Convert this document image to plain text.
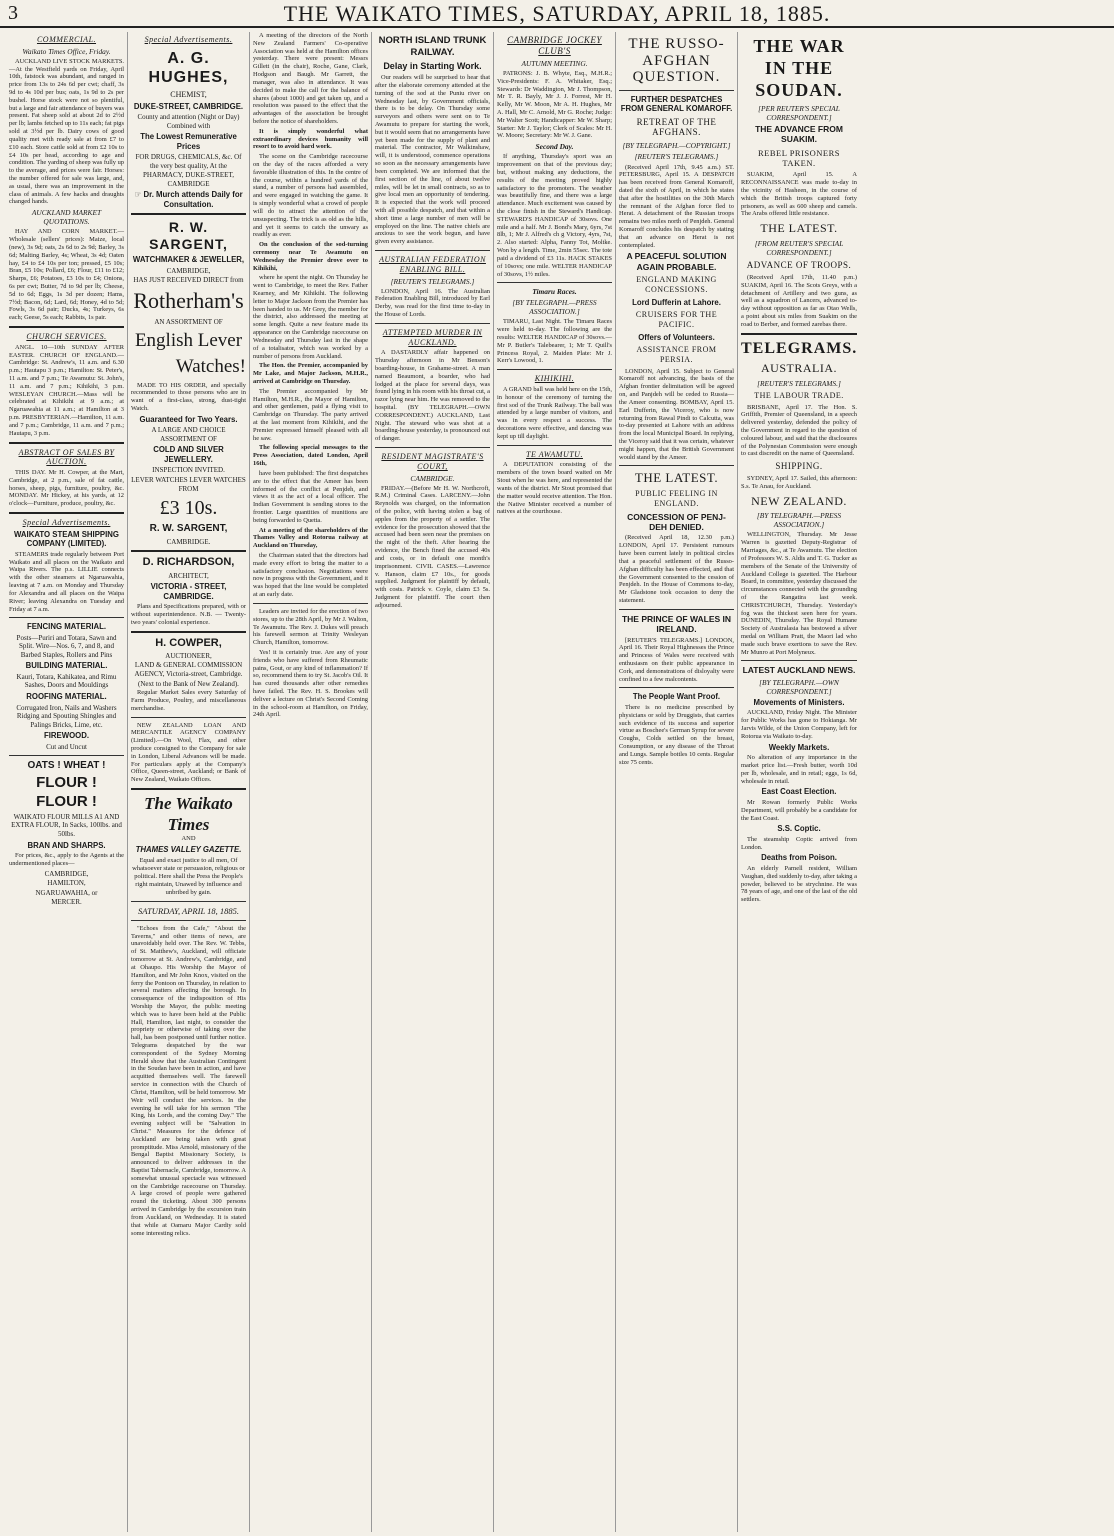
3	THE WAIKATO TIMES, SATURDAY, APRIL 18, 1885.
COMMERCIAL.
Waikato Times Office, Friday.

AUCKLAND LIVE STOCK MARKETS.—At the Westfield yards on Friday, April 10th, fatstock was abundant, and ranged in price from 13s to 24s 6d per cwt; chaff, 3s 9d to 4s 10d per bus; oats, 1s 9d to 2s per bushel. Horse stock were not so plentiful, but a large and fair attendance of buyers was present. Fat sheep sold at about 2d to 2½d per lb; lambs fetched up to 11s each; fat pigs sold at 3½d per lb. Dairy cows of good quality met with ready sale at from £7 to £10 each. Store cattle sold at from £2 10s to £4 10s per head, according to age and condition. The yarding of sheep was fully up to the average, and prices were fair. Horses: the number offered for sale was large, and, as usual, there was an improvement in the class of animals. A few hacks and draughts changed hands.

AUCKLAND MARKET QUOTATIONS.

HAY AND CORN MARKET.—Wholesale (sellers' prices): Maize, local (new), 3s 9d; oats, 2s 6d to 2s 9d; Barley, 3s 6d; Malting Barley, 4s; Wheat, 3s 4d; Oaten hay, £4 to £4 10s per ton; pressed, £5 10s; Bran, £5 10s; Pollard, £6; Flour, £11 to £12; Sharps, £6; Potatoes, £3 10s to £4; Onions, 6s per cwt; Butter, 7d to 9d per lb; Cheese, 5d to 6d; Eggs, 1s 3d per dozen; Hams, 7½d; Bacon, 6d; Lard, 6d; Honey, 4d to 5d; Fowls, 3s 6d pair; Ducks, 4s; Turkeys, 6s each; Geese, 5s each; Rabbits, 1s pair.

CHURCH SERVICES.

ANGL. 10—10th SUNDAY AFTER EASTER. CHURCH OF ENGLAND.—Cambridge: St. Andrew's, 11 a.m. and 6.30 p.m.; Hautapu 3 p.m.; Hamilton: St. Peter's, 11 a.m. and 7 p.m.; Te Awamutu: St. John's, 11 a.m. and 7 p.m.; Kihikihi, 3 p.m. WESLEYAN CHURCH.—Mass will be celebrated at Kihikihi at 9 a.m.; at Ngaruawahia at 11 a.m.; at Hamilton at 3 p.m. PRESBYTERIAN.—Hamilton, 11 a.m. and 7 p.m.; Cambridge, 11 a.m. and 7 p.m.; Hautapu, 3 p.m.

ABSTRACT OF SALES BY AUCTION.

THIS DAY. Mr H. Cowper, at the Mart, Cambridge, at 2 p.m., sale of fat cattle, horses, sheep, pigs, furniture, poultry, &c. MONDAY. Mr Hickey, at his yards, at 12 o'clock—Furniture, produce, poultry, &c.

Special Advertisements.
WAIKATO STEAM SHIPPING COMPANY (LIMITED).

STEAMERS trade regularly between Port Waikato and all places on the Waikato and Waipa Rivers. The p.s. LILLIE connects with the other steamers at Ngaruawahia, leaving at 7 a.m. on Monday and Thursday for Alexandra and all places on the Waipa River; leaving Alexandra on Tuesday and Friday at 7 a.m.

FENCING MATERIAL.
Posts—Puriri and Totara, Sawn and Split. Wire—Nos. 6, 7, and 8, and Barbed Staples, Rollers and Pins
BUILDING MATERIAL.
Kauri, Totara, Kahikatea, and Rimu Sashes, Doors and Mouldings
ROOFING MATERIAL.
Corrugated Iron, Nails and Washers Ridging and Spouting Shingles and Palings Bricks, Lime, etc.
FIREWOOD.
Cut and Uncut
OATS ! WHEAT !
FLOUR ! FLOUR !
WAIKATO FLOUR MILLS A1 AND EXTRA FLOUR, In Sacks, 100lbs. and 50lbs.
BRAN AND SHARPS.

For prices, &c., apply to the Agents at the undermentioned places—

CAMBRIDGE,
HAMILTON,
NGARUAWAHIA, or
MERCER.
Special Advertisements.
A. G. HUGHES,
CHEMIST,
DUKE-STREET, CAMBRIDGE.
County and attention (Night or Day) Combined with
The Lowest Remunerative Prices
FOR DRUGS, CHEMICALS, &c. Of the very best quality, At the
PHARMACY, DUKE-STREET, CAMBRIDGE
☞ Dr. Murch attends Daily for Consultation.
R. W. SARGENT,
WATCHMAKER & JEWELLER,
CAMBRIDGE,
HAS JUST RECEIVED DIRECT from
Rotherham's
AN ASSORTMENT OF
English Lever
Watches!

MADE TO HIS ORDER, and specially recommended to those persons who are in want of a first-class, strong, dust-tight Watch.

Guaranteed for Two Years.
A LARGE AND CHOICE ASSORTMENT OF
COLD AND SILVER JEWELLERY.
INSPECTION INVITED.
LEVER WATCHES LEVER WATCHES FROM
£3 10s.
R. W. SARGENT,
CAMBRIDGE.
D. RICHARDSON,
ARCHITECT,
VICTORIA - STREET, CAMBRIDGE.

Plans and Specifications prepared, with or without superintendence. N.B. — Twenty-two years' colonial experience.

H. COWPER,
AUCTIONEER,
LAND & GENERAL COMMISSION AGENCY, Victoria-street, Cambridge.
(Next to the Bank of New Zealand).

Regular Market Sales every Saturday of Farm Produce, Poultry, and miscellaneous merchandise.

NEW ZEALAND LOAN AND MERCANTILE AGENCY COMPANY (Limited).—On Wool, Flax, and other produce consigned to the Company for sale in London, Liberal Advances will be made. For particulars apply at the Company's Office, Queen-street, Auckland; or Bank of New Zealand, Waikato Offices.

The Waikato Times
AND
THAMES VALLEY GAZETTE.
Equal and exact justice to all men, Of whatsoever state or persuasion, religious or political. Here shall the Press the People's right maintain, Unawed by influence and unbribed by gain.
SATURDAY, APRIL 18, 1885.

"Echoes from the Cafe," "About the Taverns," and other items of news, are unavoidably held over. The Rev. W. Tebbs, of St. Matthew's, Auckland, will officiate tomorrow at St. Andrew's, Cambridge, and at Ohaupo. His Worship the Mayor of Hamilton, and Mr John Knox, visited on the ferry the Pontoon on Thursday, in relation to several matters affecting the borough. In consequence of the indisposition of His Worship the Mayor, the public meeting which was to have been held at the Public Hall, Hamilton, last night, to consider the propriety or otherwise of taking over the hall, has been postponed until further notice. Telegrams despatched by the war correspondent of the Sydney Morning Herald show that the Australian Contingent in the Soudan have been in action, and have acquitted themselves well. The farewell service in connection with the Church of Christ, Hamilton, will be held tomorrow. Mr Weir will conduct the services. In the evening he will take for his sermon "The King, his Lords, and the coming Day." The evening subject will be "Salvation in Christ." Measures for the defence of Auckland are being taken with great promptitude. Miss Arnold, missionary of the Bengal Baptist Missionary Society, is announced to deliver addresses in the Baptist Tabernacle, Cambridge, tomorrow. A somewhat unusual spectacle was witnessed on the Cambridge racecourse on Thursday. A large crowd of people were gathered round the ticketing. About 300 persons arrived in Cambridge by the excursion train from Auckland, on Wednesday. It is stated that while at Oamaru Major Cardiy sold some interesting relics.

A meeting of the directors of the North New Zealand Farmers' Co-operative Association was held at the Hamilton offices yesterday. There were present: Messrs Gillett (in the chair), Roche, Gane, Clark, Hodgson and Baugh. Mr Garrett, the manager, was also in attendance. It was decided to make the call for the balance of shares (about 1000) and get taken up, and a resolution was passed to the effect that the advantages of the association be brought before the notice of shareholders.

It is simply wonderful what extraordinary devices humanity will resort to to avoid hard work.

The scene on the Cambridge racecourse on the day of the races afforded a very favorable illustration of this. In the centre of the course, within a hundred yards of the stand, a number of persons had assembled, and were engaged in watching the game. It is simply wonderful what a crowd of people will do to attract the attention of the unsuspecting. The trick is as old as the hills, and yet it seems to catch the unwary as readily as ever.

On the conclusion of the sod-turning ceremony near Te Awamutu on Wednesday the Premier drove over to Kihikihi,

where he spent the night. On Thursday he went to Cambridge, to meet the Rev. Father Kearney, and Mr Kihikihi. The following letter to Major Jackson from the Premier has been handed to us. Mr Grey, the member for the district, also addressed the meeting at some length. Quite a new feature made its appearance on the Cambridge racecourse on Wednesday and Thursday last in the shape of a totalisator, which was worked by a number of persons from Auckland.

The Hon. the Premier, accompanied by Mr Lake, and Major Jackson, M.H.R., arrived at Cambridge on Thursday.

The Premier accompanied by Mr Hamilton, M.H.R., the Mayor of Hamilton, and other gentlemen, paid a flying visit to Cambridge on Thursday. The party arrived at the last moment from Kihikihi, and the Premier expressed himself pleased with all he saw.

The following special messages to the Press Association, dated London, April 16th,

have been published: The first despatches are to the effect that the Ameer has been informed of the conflict at Penjdeh, and views it as the act of a local officer. The Indian Government is sending stores to the frontier. Large quantities of munitions are being forwarded to Quetta.

At a meeting of the shareholders of the Thames Valley and Rotorua railway at Auckland on Thursday,

the Chairman stated that the directors had made every effort to bring the matter to a satisfactory conclusion. Negotiations were now in progress with the Government, and it was hoped that the line would be completed at an early date.

Leaders are invited for the erection of two stores, up to the 28th April, by Mr J. Walton, Te Awamutu. The Rev. J. Dukes will preach his farewell sermon at Trinity Wesleyan Church, Hamilton, tomorrow.

Yes! it is certainly true. Are any of your friends who have suffered from Rheumatic pains, Gout, or any kind of inflammation? If so, recommend them to try St. Jacob's Oil. It has cured thousands after other remedies have failed. The Rev. H. S. Brookes will deliver a lecture on Christ's Second Coming in the school-room at Hamilton, on Friday, 24th April.

NORTH ISLAND TRUNK RAILWAY.
Delay in Starting Work.

Our readers will be surprised to hear that after the elaborate ceremony attended at the turning of the sod at the Puniu river on Wednesday last, by Government officials, there is to be delay. On Thursday some surveyors and others were sent on to Te Awamutu to prepare for starting the work, but it would seem that no arrangements have yet been made for the supply of plant and material. The contractor, Mr Walkinshaw, will, it is understood, commence operations so soon as the necessary arrangements have been completed. We are informed that the first section of the line, of about twelve miles, will be let in small contracts, so as to give local men an opportunity of tendering. It is expected that the work will proceed with all possible despatch, and that within a short time a large number of men will be employed on the line. The native chiefs are anxious to see the work begun, and have given every assistance.

AUSTRALIAN FEDERATION ENABLING BILL.
[REUTER'S TELEGRAMS.]

LONDON, April 16. The Australian Federation Enabling Bill, introduced by Earl Derby, was read for the first time to-day in the House of Lords.

ATTEMPTED MURDER IN AUCKLAND.

A DASTARDLY affair happened on Thursday afternoon in Mr Benson's boarding-house, in Grahame-street. A man named Beaumont, a boarder, who had lodged at the place for several days, was found lying in his room with his throat cut, a razor lying near him. He was removed to the hospital. (BY TELEGRAPH.—OWN CORRESPONDENT.) AUCKLAND, Last Night. The steward who was shot at a boarding-house yesterday, is pronounced out of danger.

RESIDENT MAGISTRATE'S COURT,
CAMBRIDGE.

FRIDAY.—(Before Mr H. W. Northcroft, R.M.) Criminal Cases. LARCENY.—John Reynolds was charged, on the information of the police, with having stolen a bag of apples from the property of a settler. The evidence for the prosecution showed that the accused had been seen near the premises on the night of the theft. After hearing the evidence, the Bench fined the accused 40s and costs, or in default one month's imprisonment. CIVIL CASES.—Lawrence v. Hanson, claim £7 10s., for goods supplied. Judgment for plaintiff by default, with costs. Patrick v. Coyle, claim £3 5s. Judgment for plaintiff. The court then adjourned.

CAMBRIDGE JOCKEY CLUB'S
AUTUMN MEETING.

PATRONS: J. B. Whyte, Esq., M.H.R.; Vice-Presidents: F. A. Whitaker, Esq.; Stewards: Dr Waddington, Mr J. Thompson, Mr T. R. Bayly, Mr J. J. Forrest, Mr H. Kelly, Mr W. Moon, Mr A. H. Hughes, Mr A. Hall, Mr C. Arnold, Mr G. Roche; Judge: Mr Walter Scott; Handicapper: Mr W. Sharp; Starter: Mr J. Taylor; Clerk of Scales: Mr H. W. Moore; Secretary: Mr W. J. Gane.

Second Day.

If anything, Thursday's sport was an improvement on that of the previous day; but, without making any deductions, the results of the meeting proved highly satisfactory to the promoters. The weather was beautifully fine, and there was a large attendance. Much excitement was caused by the close finish in the Steward's Handicap. STEWARD'S HANDICAP of 30sovs. One mile and a half. Mr J. Bond's Mary, 6yrs, 7st 8lb, 1; Mr J. Alfred's ch g Victory, 4yrs, 7st, 2. Also started: Alpha, Fanny Tot, Moltke. Won by a length. Time, 2min 55sec. The tote paid a dividend of £3 11s. HACK STAKES of 10sovs; one mile. WELTER HANDICAP of 30sovs, 1½ miles.

Timaru Races.
[BY TELEGRAPH.—PRESS ASSOCIATION.]

TIMARU, Last Night. The Timaru Races were held to-day. The following are the results: WELTER HANDICAP of 30sovs.—Mr P. Butler's Talebearer, 1; Mr T. Quill's Princess Royal, 2. Maiden Plate: Mr J. Kerr's Lowood, 1.

KIHIKIHI.

A GRAND ball was held here on the 15th, in honour of the ceremony of turning the first sod of the Trunk Railway. The ball was attended by a large number of visitors, and was in every respect a success. The decorations were effective, and dancing was kept up till daylight.

TE AWAMUTU.

A DEPUTATION consisting of the members of the town board waited on Mr Stout when he was here, and represented the wants of the district. Mr Stout promised that the matter would receive attention. The Hon. the Native Minister received a number of natives at the courthouse.

THE RUSSO-AFGHAN QUESTION.
FURTHER DESPATCHES FROM GENERAL KOMAROFF.
RETREAT OF THE AFGHANS.
[BY TELEGRAPH.—COPYRIGHT.]
[REUTER'S TELEGRAMS.]

(Received April 17th, 9.45 a.m.) ST. PETERSBURG, April 15. A DESPATCH has been received from General Komaroff, dated the sixth of April, in which he states that after the hostilities on the 30th March the remnant of the Afghan force fled to Herat. A detachment of the Russian troops remains two miles north of Penjdeh. General Komaroff concludes his despatch by stating that an advance on Herat is not contemplated.

A PEACEFUL SOLUTION AGAIN PROBABLE.
ENGLAND MAKING CONCESSIONS.
Lord Dufferin at Lahore.
CRUISERS FOR THE PACIFIC.
Offers of Volunteers.
ASSISTANCE FROM PERSIA.

LONDON, April 15. Subject to General Komaroff not advancing, the basis of the Afghan frontier delimitation will be agreed on, and Panjdeh will be ceded to Russia—the Ameer consenting. BOMBAY, April 15. Earl Dufferin, the Viceroy, who is now returning from Rawal Pindi to Calcutta, was to-day presented at Lahore with an address from the local Municipal Board. In replying, the Viceroy said that it was certain, whatever might happen, that the British Government would stand by the Ameer.

THE LATEST.
PUBLIC FEELING IN ENGLAND.
CONCESSION OF PENJ-DEH DENIED.

(Received April 18, 12.30 p.m.) LONDON, April 17. Persistent rumours have been current lately in political circles that a peaceful settlement of the Russo-Afghan difficulty has been effected, and that the Government consented to the cession of Penjdeh. In the House of Commons to-day, Mr Gladstone took occasion to deny the statement.

THE PRINCE OF WALES IN IRELAND.

[REUTER'S TELEGRAMS.] LONDON, April 16. Their Royal Highnesses the Prince and Princess of Wales were received with enthusiasm on their public appearance in Cork, and demonstrations of disloyalty were confined to a few malcontents.

The People Want Proof.

There is no medicine prescribed by physicians or sold by Druggists, that carries such evidence of its success and superior virtue as Boschee's German Syrup for severe Coughs, Colds settled on the breast, Consumption, or any disease of the Throat and Lungs. Sample bottles 10 cents. Regular size 75 cents.

THE WAR IN THE SOUDAN.
[PER REUTER'S SPECIAL CORRESPONDENT.]
THE ADVANCE FROM SUAKIM.
REBEL PRISONERS TAKEN.

SUAKIM, April 15. A RECONNAISSANCE was made to-day in the vicinity of Hasheen, in the course of which the British troops captured forty prisoners, as well as 600 sheep and camels. The Arabs offered little resistance.

THE LATEST.
[FROM REUTER'S SPECIAL CORRESPONDENT.]
ADVANCE OF TROOPS.

(Received April 17th, 11.40 p.m.) SUAKIM, April 16. The Scots Greys, with a detachment of Artillery and two guns, as well as a squadron of Lancers, advanced to-day without opposition as far as Otao Wells, a point about six miles from Suakim on the road to Berber, and formed zarebas there.

TELEGRAMS.
AUSTRALIA.
[REUTER'S TELEGRAMS.]
THE LABOUR TRADE.

BRISBANE, April 17. The Hon. S. Griffith, Premier of Queensland, in a speech delivered yesterday, defended the policy of the Government in regard to the question of coloured labour, and said that the disclosures of the Polynesian Commission were enough to cast discredit on the name of Queensland.

SHIPPING.

SYDNEY, April 17. Sailed, this afternoon: S.s. Te Anau, for Auckland.

NEW ZEALAND.
[BY TELEGRAPH.—PRESS ASSOCIATION.]

WELLINGTON, Thursday. Mr Jesse Warren is gazetted Deputy-Registrar of Marriages, &c., at Te Awamutu. The election of Professors W. S. Aldis and T. G. Tucker as members of the Senate of the University of Auckland College is gazetted. The Harbour Board, in committee, yesterday discussed the circumstances connected with the grounding of the Rangatira last week. CHRISTCHURCH, Thursday. Yesterday's fog was the thickest seen here for years. DUNEDIN, Thursday. The Royal Humane Society of Australasia has bestowed a silver medal on William Pratt, the Maori lad who made such brave exertions to save the Rev. Mr Munro at Port Molyneux.

LATEST AUCKLAND NEWS.
[BY TELEGRAPH.—OWN CORRESPONDENT.]
Movements of Ministers.

AUCKLAND, Friday Night. The Minister for Public Works has gone to Hokianga. Mr Jarvis Wilde, of the Union Company, left for Rotorua via Waikato to-day.

Weekly Markets.

No alteration of any importance in the market price list.—Fresh butter, worth 10d per lb, wholesale, and in retail; eggs, 1s 6d, wholesale in retail.

East Coast Election.

Mr Rowan formerly Public Works Department, will probably be a candidate for the East Coast.

S.S. Coptic.

The steamship Coptic arrived from London.

Deaths from Poison.

An elderly Parnell resident, William Vaughan, died suddenly to-day, after taking a powder, believed to be strychnine. He was 78 years of age, and one of the last of the old settlers.
